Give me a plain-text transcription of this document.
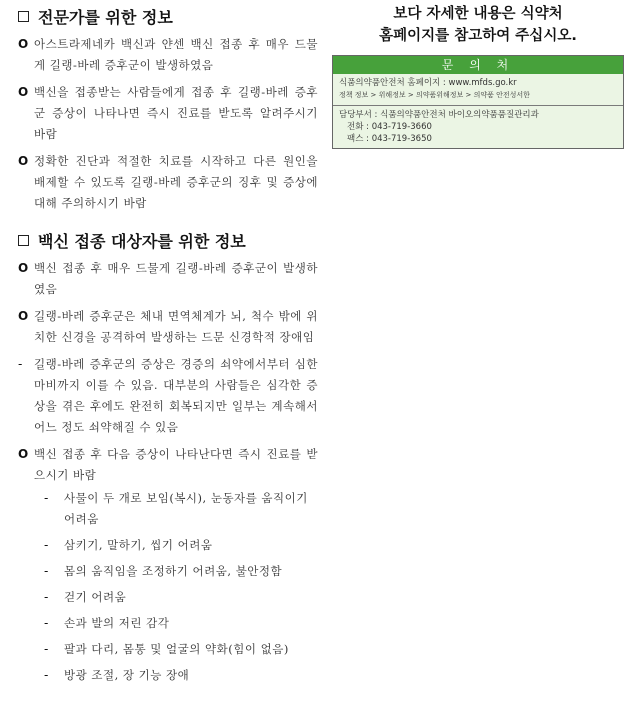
전문가를 위한 정보
O 아스트라제네카 백신과 얀센 백신 접종 후 매우 드물게 길랭-바레 증후군이 발생하였음
O 백신을 접종받는 사람들에게 접종 후 길랭-바레 증후군 증상이 나타나면 즉시 진료를 받도록 알려주시기 바람
O 정확한 진단과 적절한 치료를 시작하고 다른 원인을 배제할 수 있도록 길랭-바레 증후군의 징후 및 증상에 대해 주의하시기 바람
백신 접종 대상자를 위한 정보
O 백신 접종 후 매우 드물게 길랭-바레 증후군이 발생하였음
O 길랭-바레 증후군은 체내 면역체계가 뇌, 척수 밖에 위치한 신경을 공격하여 발생하는 드문 신경학적 장애임
- 길랭-바레 증후군의 증상은 경증의 쇠약에서부터 심한 마비까지 이를 수 있음. 대부분의 사람들은 심각한 증상을 겪은 후에도 완전히 회복되지만 일부는 계속해서 어느 정도 쇠약해질 수 있음
O 백신 접종 후 다음 증상이 나타난다면 즉시 진료를 받으시기 바람
-	사물이 두 개로 보임(복시), 눈동자를 움직이기 어려움
-	삼키기, 말하기, 씹기 어려움
-	몸의 움직임을 조정하기 어려움, 불안정함
-	걷기 어려움
-	손과 발의 저린 감각
-	팔과 다리, 몸통 및 얼굴의 약화(힘이 없음)
-	방광 조절, 장 기능 장애
보다 자세한 내용은 식약처
홈페이지를 참고하여 주십시오.
문 의 처
식품의약품안전처 홈페이지 : www.mfds.go.kr
정책 정보 > 위해정보 > 의약품위해정보 > 의약품 안전성서한
담당부서 : 식품의약품안전처 바이오의약품품질관리과
전화 : 043-719-3660
팩스 : 043-719-3650
